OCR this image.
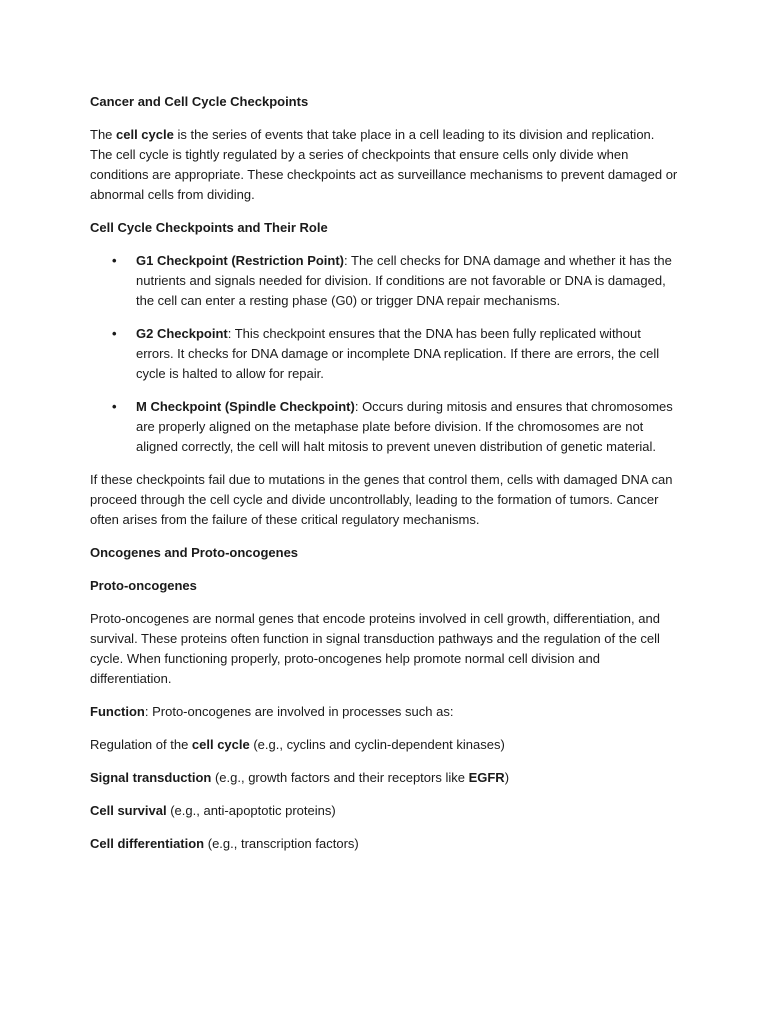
Cancer and Cell Cycle Checkpoints

The cell cycle is the series of events that take place in a cell leading to its division and replication. The cell cycle is tightly regulated by a series of checkpoints that ensure cells only divide when conditions are appropriate. These checkpoints act as surveillance mechanisms to prevent damaged or abnormal cells from dividing.

Cell Cycle Checkpoints and Their Role
• G1 Checkpoint (Restriction Point): The cell checks for DNA damage and whether it has the nutrients and signals needed for division. If conditions are not favorable or DNA is damaged, the cell can enter a resting phase (G0) or trigger DNA repair mechanisms.
• G2 Checkpoint: This checkpoint ensures that the DNA has been fully replicated without errors. It checks for DNA damage or incomplete DNA replication. If there are errors, the cell cycle is halted to allow for repair.
• M Checkpoint (Spindle Checkpoint): Occurs during mitosis and ensures that chromosomes are properly aligned on the metaphase plate before division. If the chromosomes are not aligned correctly, the cell will halt mitosis to prevent uneven distribution of genetic material.

If these checkpoints fail due to mutations in the genes that control them, cells with damaged DNA can proceed through the cell cycle and divide uncontrollably, leading to the formation of tumors. Cancer often arises from the failure of these critical regulatory mechanisms.

Oncogenes and Proto-oncogenes
Proto-oncogenes

Proto-oncogenes are normal genes that encode proteins involved in cell growth, differentiation, and survival. These proteins often function in signal transduction pathways and the regulation of the cell cycle. When functioning properly, proto-oncogenes help promote normal cell division and differentiation.

Function: Proto-oncogenes are involved in processes such as:
Regulation of the cell cycle (e.g., cyclins and cyclin-dependent kinases)
Signal transduction (e.g., growth factors and their receptors like EGFR)
Cell survival (e.g., anti-apoptotic proteins)
Cell differentiation (e.g., transcription factors)
